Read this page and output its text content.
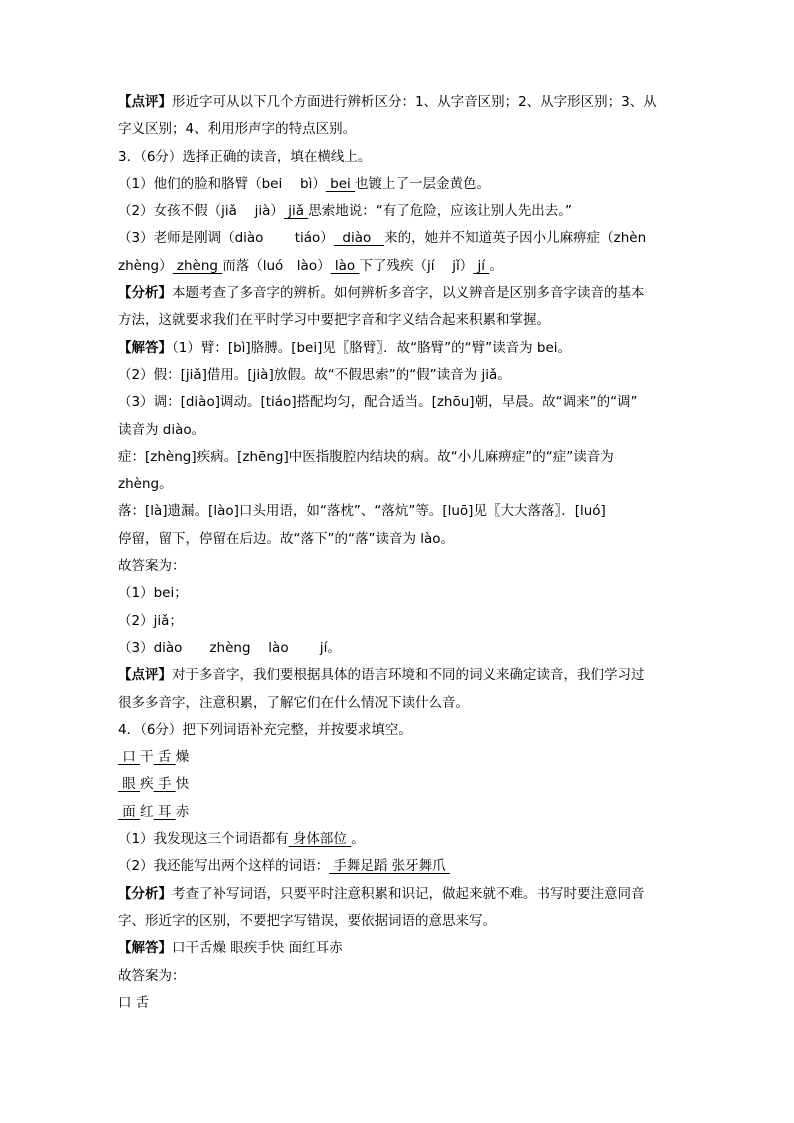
【点评】形近字可从以下几个方面进行辨析区分：1、从字音区别；2、从字形区别；3、从
字义区别；4、利用形声字的特点区别。
3．（6分）选择正确的读音，填在横线上。
（1）他们的脸和胳臂（bei　 bì） bei 也镀上了一层金黄色。
（2）女孩不假（jiǎ　 jià） jiǎ 思索地说：“有了危险，应该让别人先出去。”
（3）老师是刚调（diào　　 tiáo）  diào   来的，她并不知道英子因小儿麻痹症（zhèn
zhèng） zhèng 而落（luó　lào） lào 下了残疾（jí　 jǐ） jí 。
【分析】本题考查了多音字的辨析。如何辨析多音字，以义辨音是区别多音字读音的基本
方法，这就要求我们在平时学习中要把字音和字义结合起来积累和掌握。
【解答】（1）臂：[bì]胳膊。[bei]见〖胳臂〗．故“胳臂”的“臂”读音为 bei。
（2）假：[jiǎ]借用。[jià]放假。故“不假思索”的“假”读音为 jiǎ。
（3）调：[diào]调动。[tiáo]搭配均匀，配合适当。[zhōu]朝，早晨。故“调来”的“调”
读音为 diào。
症：[zhèng]疾病。[zhēng]中医指腹腔内结块的病。故“小儿麻痹症”的“症”读音为
zhèng。
落：[là]遗漏。[lào]口头用语，如“落枕”、“落炕”等。[luō]见〖大大落落〗．[luó]
停留，留下，停留在后边。故“落下”的“落”读音为 lào。
故答案为：
（1）bei；
（2）jiǎ；
（3）diào　　zhèng　 lào　　 jí。
【点评】对于多音字，我们要根据具体的语言环境和不同的词义来确定读音，我们学习过
很多多音字，注意积累，了解它们在什么情况下读什么音。
4．（6分）把下列词语补充完整，并按要求填空。
口 干 舌 燥
眼 疾 手 快
面 红 耳 赤
（1）我发现这三个词语都有 身体部位 。
（2）我还能写出两个这样的词语： 手舞足蹈 张牙舞爪
【分析】考查了补写词语，只要平时注意积累和识记，做起来就不难。书写时要注意同音
字、形近字的区别，不要把字写错误，要依据词语的意思来写。
【解答】口干舌燥 眼疾手快 面红耳赤
故答案为：
口 舌
